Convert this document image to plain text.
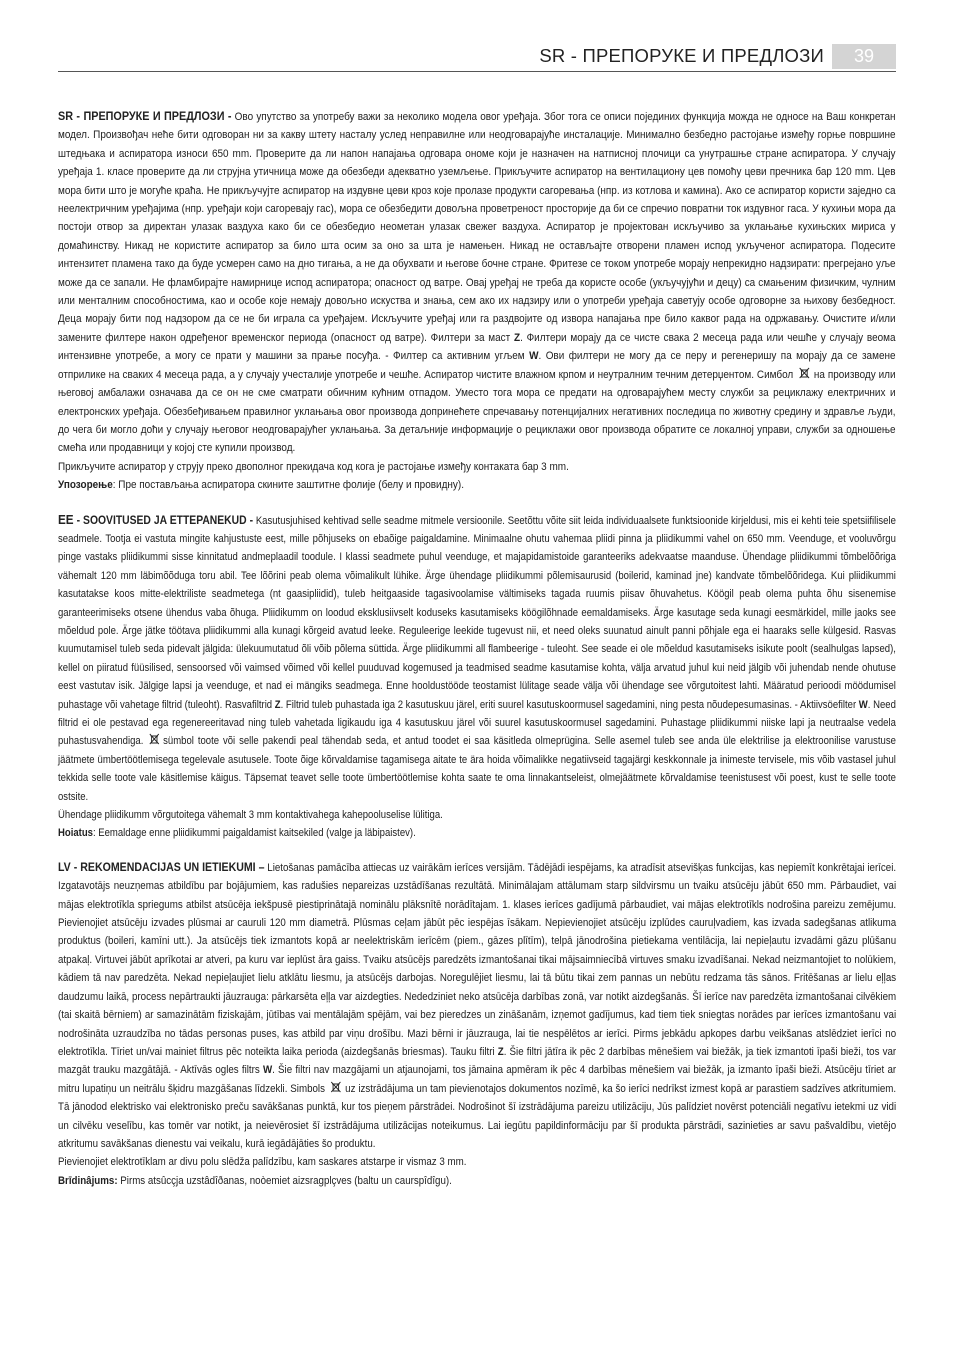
SR - ПРЕПОРУКЕ И ПРЕДЛОЗИ	39

SR - ПРЕПОРУКЕ И ПРЕДЛОЗИ - Ово упутство за употребу важи за неколико модела овог уређаја. Због тога се описи појединих функција можда не односе на Ваш конкретан модел. Произвођач неће бити одговоран ни за какву штету насталу услед неправилне или неодговарајуће инсталације. Минимално безбедно растојање између горње површине штедњака и аспиратора износи 650 mm. Проверите да ли напон напајања одговара ономе који је назначен на натписној плочици са унутрашње стране аспиратора. У случају уређаја 1. класе проверите да ли струјна утичница може да обезбеди адекватно уземљење. Прикључите аспиратор на вентилациону цев помоћу цеви пречника бар 120 mm. Цев мора бити што је могуће краћа. Не прикључујте аспиратор на издувне цеви кроз које пролазе продукти сагоревања (нпр. из котлова и камина). Ако се аспиратор користи заједно са неелектричним уређајима (нпр. уређаји који сагоревају гас), мора се обезбедити довољна проветреност просторије да би се спречио повратни ток издувног гаса. У кухињи мора да постоји отвор за директан улазак ваздуха како би се обезбедио неометан улазак свежег ваздуха. Аспиратор је пројектован искључиво за уклањање кухињских мириса у домаћинству. Никад не користите аспиратор за било шта осим за оно за шта је намењен. Никад не остављајте отворени пламен испод укљученог аспиратора. Подесите интензитет пламена тако да буде усмерен само на дно тигања, а не да обухвати и његове бочне стране. Фритезе се током употребе морају непрекидно надзирати: прегрејано уље може да се запали. Не фламбирајте намирнице испод аспиратора; опасност од ватре. Овај уређај не треба да користе особе (укључујући и децу) са смањеним физичким, чулним или менталним способностима, као и особе које немају довољно искуства и знања, сем ако их надзиру или о употреби уређаја саветују особе одговорне за њихову безбедност. Деца морају бити под надзором да се не би играла са уређајем. Искључите уређај или га раздвојите од извора напајања пре било каквог рада на одржавању. Очистите и/или замените филтере након одређеног временског периода (опасност од ватре). Филтери за маст Z. Филтери морају да се чисте свака 2 месеца рада или чешће у случају веома интензивне употребе, а могу се прати у машини за прање посуђа. - Филтер са активним угљем W. Ови филтери не могу да се перу и регенеришу па морају да се замене отприлике на сваких 4 месеца рада, а у случају учесталије употребе и чешће. Аспиратор чистите влажном крпом и неутралним течним детерџентом. Симбол на производу или његовој амбалажи означава да се он не сме сматрати обичним кућним отпадом. Уместо тога мора се предати на одговарајућем месту служби за рециклажу електричних и електронских уређаја. Обезбеђивањем правилног уклањања овог производа допринећете спречавању потенцијалних негативних последица по животну средину и здравље људи, до чега би могло доћи у случају његовог неодговарајућег уклањања. За детаљније информације о рециклажи овог производа обратите се локалној управи, служби за одношење смећа или продавници у којој сте купили производ.

Прикључите аспиратор у струју преко двополног прекидача код кога је растојање између контаката бар 3 mm.

Упозорење: Пре постављања аспиратора скините заштитне фолије (белу и провидну).

EE - SOOVITUSED JA ETTEPANEKUD - Kasutusjuhised kehtivad selle seadme mitmele versioonile. Seetõttu võite siit leida individuaalsete funktsioonide kirjeldusi, mis ei kehti teie spetsiifilisele seadmele. Tootja ei vastuta mingite kahjustuste eest, mille põhjuseks on ebaõige paigaldamine. Minimaalne ohutu vahemaa pliidi pinna ja pliidikummi vahel on 650 mm. Veenduge, et vooluvõrgu pinge vastaks pliidikummi sisse kinnitatud andmeplaadil toodule. I klassi seadmete puhul veenduge, et majapidamistoide garanteeriks adekvaatse maanduse. Ühendage pliidikummi tõmbelõõriga vähemalt 120 mm läbimõõduga toru abil. Tee lõõrini peab olema võimalikult lühike. Ärge ühendage pliidikummi põlemisaurusid (boilerid, kaminad jne) kandvate tõmbelõõridega. Kui pliidikummi kasutatakse koos mitte-elektriliste seadmetega (nt gaasipliidid), tuleb heitgaaside tagasivoolamise vältimiseks tagada ruumis piisav õhuvahetus. Köögil peab olema puhta õhu sisenemise garanteerimiseks otsene ühendus vaba õhuga. Pliidikumm on loodud eksklusiivselt koduseks kasutamiseks köögilõhnade eemaldamiseks. Ärge kasutage seda kunagi eesmärkidel, mille jaoks see mõeldud pole. Ärge jätke töötava pliidikummi alla kunagi kõrgeid avatud leeke. Reguleerige leekide tugevust nii, et need oleks suunatud ainult panni põhjale ega ei haaraks selle külgesid. Rasvas kuumutamisel tuleb seda pidevalt jälgida: ülekuumutatud õli võib põlema süttida. Ärge pliidikummi all flambeerige - tuleoht. See seade ei ole mõeldud kasutamiseks isikute poolt (sealhulgas lapsed), kellel on piiratud füüsilised, sensoorsed või vaimsed võimed või kellel puuduvad kogemused ja teadmised seadme kasutamise kohta, välja arvatud juhul kui neid jälgib või juhendab nende ohutuse eest vastutav isik. Jälgige lapsi ja veenduge, et nad ei mängiks seadmega. Enne hooldustööde teostamist lülitage seade välja või ühendage see võrgutoitest lahti. Määratud perioodi möödumisel puhastage või vahetage filtrid (tuleoht). Rasvafiltrid Z. Filtrid tuleb puhastada iga 2 kasutuskuu järel, eriti suurel kasutuskoormusel sagedamini, ning pesta nõudepesumasinas. - Aktiivsöefilter W. Need filtrid ei ole pestavad ega regenereeritavad ning tuleb vahetada ligikaudu iga 4 kasutuskuu järel või suurel kasutuskoormusel sagedamini. Puhastage pliidikummi niiske lapi ja neutraalse vedela puhastusvahendiga. sümbol toote või selle pakendi peal tähendab seda, et antud toodet ei saa käsitleda olmeprügina. Selle asemel tuleb see anda üle elektrilise ja elektroonilise varustuse jäätmete ümbertöötlemisega tegelevale asutusele. Toote õige kõrvaldamise tagamisega aitate te ära hoida võimalikke negatiivseid tagajärgi keskkonnale ja inimeste tervisele, mis võib vastasel juhul tekkida selle toote vale käsitlemise käigus. Täpsemat teavet selle toote ümbertöötlemise kohta saate te oma linnakantseleist, olmejäätmete kõrvaldamise teenistusest või poest, kust te selle toote ostsite.

Ühendage pliidikumm võrgutoitega vähemalt 3 mm kontaktivahega kahepooluselise lülitiga.

Hoiatus: Eemaldage enne pliidikummi paigaldamist kaitsekiled (valge ja läbipaistev).

LV - REKOMENDĀCIJAS UN IETIEKUMI – Lietošanas pamācība attiecas uz vairākām ierīces versijām. Tādējādi iespējams, ka atradīsit atsevišķas funkcijas, kas nepiemīt konkrētajai ierīcei. Izgatavotājs neuzņemas atbildību par bojājumiem, kas radušies nepareizas uzstādīšanas rezultātā. Minimālajam attālumam starp sildvirsmu un tvaiku atsūcēju jābūt 650 mm. Pārbaudiet, vai mājas elektrotīkla spriegums atbilst atsūcēja iekšpusē piestiprinātajā nominālu plāksnītē norādītajam. 1. klases ierīces gadījumā pārbaudiet, vai mājas elektrotīkls nodrošina pareizu zemējumu. Pievienojiet atsūcēju izvades plūsmai ar cauruli 120 mm diametrā. Plūsmas ceļam jābūt pēc iespējas īsākam. Nepievienojiet atsūcēju izplūdes cauruļvadiem, kas izvada sadegšanas atlikuma produktus (boileri, kamīni utt.). Ja atsūcējs tiek izmantots kopā ar neelektriskām ierīcēm (piem., gāzes plītīm), telpā jānodrošina pietiekama ventilācija, lai nepieļautu izvadāmi gāzu plūšanu atpakaļ. Virtuvei jābūt aprīkotai ar atveri, pa kuru var ieplūst āra gaiss. Tvaiku atsūcējs paredzēts izmantošanai tikai mājsaimniecībā virtuves smaku izvadīšanai. Nekad neizmantojiet to nolūkiem, kādiem tā nav paredzēta. Nekad nepieļaujiet lielu atklātu liesmu, ja atsūcējs darbojas. Noregulējiet liesmu, lai tā būtu tikai zem pannas un nebūtu redzama tās sānos. Fritēšanas ar lielu eļļas daudzumu laikā, process nepārtraukti jāuzrauga: pārkarsēta eļļa var aizdegties. Nededziniet neko atsūcēja darbības zonā, var notikt aizdegšanās. Šī ierīce nav paredzēta izmantošanai cilvēkiem (tai skaitā bērniem) ar samazinātām fiziskajām, jūtības vai mentālajām spējām, vai bez pieredzes un zināšanām, izņemot gadījumus, kad tiem tiek sniegtas norādes par ierīces izmantošanu vai nodrošināta uzraudzība no tādas personas puses, kas atbild par viņu drošību. Mazi bērni ir jāuzrauga, lai tie nespēlētos ar ierīci. Pirms jebkādu apkopes darbu veikšanas atslēdziet ierīci no elektrotīkla. Tīriet un/vai mainiet filtrus pēc noteikta laika perioda (aizdegšanās briesmas). Tauku filtri Z. Šie filtri jātīra ik pēc 2 darbības mēnešiem vai biežāk, ja tiek izmantoti īpaši bieži, tos var mazgāt trauku mazgātājā. - Aktīvās ogles filtrs W. Šie filtri nav mazgājami un atjaunojami, tos jāmaina apmēram ik pēc 4 darbības mēnešiem vai biežāk, ja izmanto īpaši bieži. Atsūcēju tīriet ar mitru lupatiņu un neitrālu šķidru mazgāšanas līdzekli. Simbols uz izstrādājuma un tam pievienotajos dokumentos nozīmē, ka šo ierīci nedrīkst izmest kopā ar parastiem sadzīves atkritumiem. Tā jānodod elektrisko vai elektronisko preču savākšanas punktā, kur tos pieņem pārstrādei. Nodrošinot šī izstrādājuma pareizu utilizāciju, Jūs palīdziet novērst potenciāli negatīvu ietekmi uz vidi un cilvēku veselību, kas tomēr var notikt, ja neievērosiet šī izstrādājuma utilizācijas noteikumus. Lai iegūtu papildinformāciju par šī produkta pārstrādi, sazinieties ar savu pašvaldību, vietējo atkritumu savākšanas dienestu vai veikalu, kurā iegādājāties šo produktu.

Pievienojiet elektrotīklam ar divu polu slēdža palīdzību, kam saskares atstarpe ir vismaz 3 mm.

Brīdinâjums: Pirms atsûcçja uzstâdîðanas, noòemiet aizsragplçves (baltu un caurspîdîgu).
